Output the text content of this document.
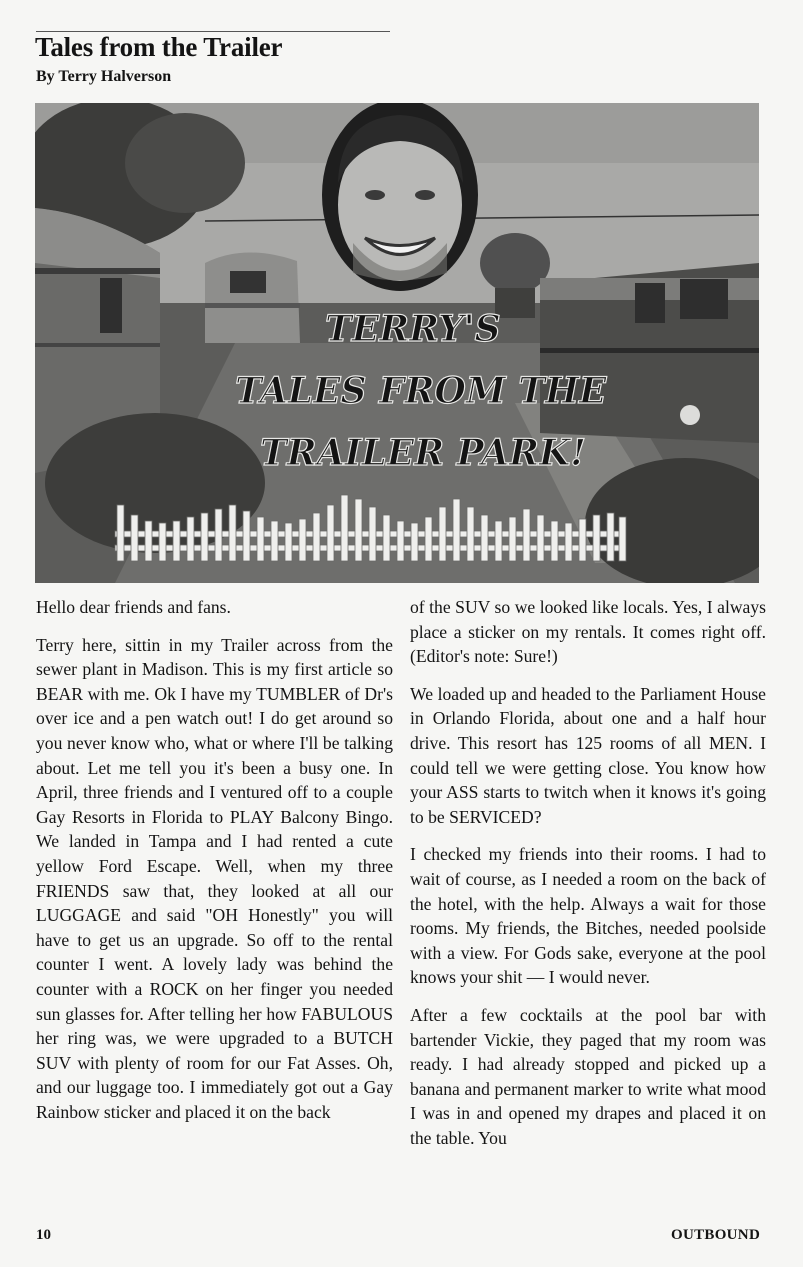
Tales from the Trailer
By Terry Halverson
TERRY'S
TALES FROM THE
TRAILER PARK!

Hello dear friends and fans.

Terry here, sittin in my Trailer across from the sewer plant in Madison. This is my first article so BEAR with me. Ok I have my TUMBLER of Dr's over ice and a pen watch out! I do get around so you never know who, what or where I'll be talking about. Let me tell you it's been a busy one. In April, three friends and I ventured off to a couple Gay Resorts in Florida to PLAY Balcony Bingo. We landed in Tampa and I had rented a cute yellow Ford Escape. Well, when my three FRIENDS saw that, they looked at all our LUGGAGE and said "OH Honestly" you will have to get us an upgrade. So off to the rental counter I went. A lovely lady was behind the counter with a ROCK on her finger you needed sun glasses for. After telling her how FABULOUS her ring was, we were upgraded to a BUTCH SUV with plenty of room for our Fat Asses. Oh, and our luggage too. I immediately got out a Gay Rainbow sticker and placed it on the back

of the SUV so we looked like locals. Yes, I always place a sticker on my rentals. It comes right off. (Editor's note: Sure!)

We loaded up and headed to the Parliament House in Orlando Florida, about one and a half hour drive. This resort has 125 rooms of all MEN. I could tell we were getting close. You know how your ASS starts to twitch when it knows it's going to be SERVICED?

I checked my friends into their rooms. I had to wait of course, as I needed a room on the back of the hotel, with the help. Always a wait for those rooms. My friends, the Bitches, needed poolside with a view. For Gods sake, everyone at the pool knows your shit — I would never.

After a few cocktails at the pool bar with bartender Vickie, they paged that my room was ready. I had already stopped and picked up a banana and permanent marker to write what mood I was in and opened my drapes and placed it on the table. You

10	OUTBOUND
